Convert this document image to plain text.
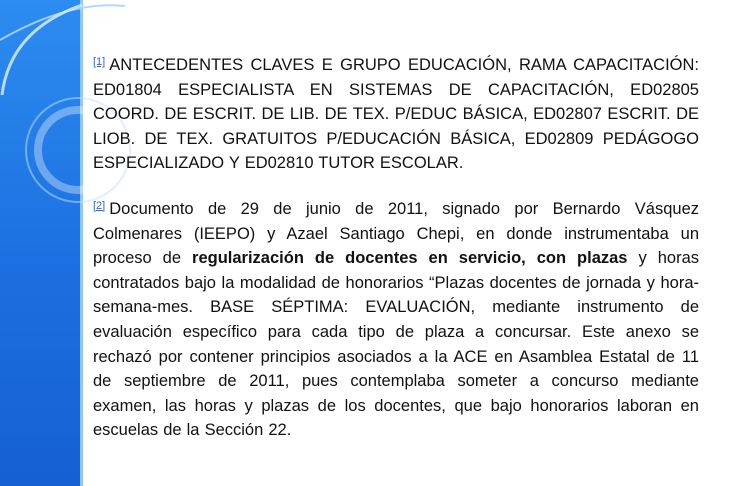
[1] ANTECEDENTES CLAVES E GRUPO EDUCACIÓN, RAMA CAPACITACIÓN: ED01804 ESPECIALISTA EN SISTEMAS DE CAPACITACIÓN, ED02805 COORD. DE ESCRIT. DE LIB. DE TEX. P/EDUC BÁSICA, ED02807 ESCRIT. DE LIOB. DE TEX. GRATUITOS P/EDUCACIÓN BÁSICA, ED02809 PEDÁGOGO ESPECIALIZADO Y ED02810 TUTOR ESCOLAR.

[2] Documento de 29 de junio de 2011, signado por Bernardo Vásquez Colmenares (IEEPO) y Azael Santiago Chepi, en donde instrumentaba un proceso de regularización de docentes en servicio, con plazas y horas contratados bajo la modalidad de honorarios “Plazas docentes de jornada y hora-semana-mes. BASE SÉPTIMA: EVALUACIÓN, mediante instrumento de evaluación específico para cada tipo de plaza a concursar. Este anexo se rechazó por contener principios asociados a la ACE en Asamblea Estatal de 11 de septiembre de 2011, pues contemplaba someter a concurso mediante examen, las horas y plazas de los docentes, que bajo honorarios laboran en escuelas de la Sección 22.
